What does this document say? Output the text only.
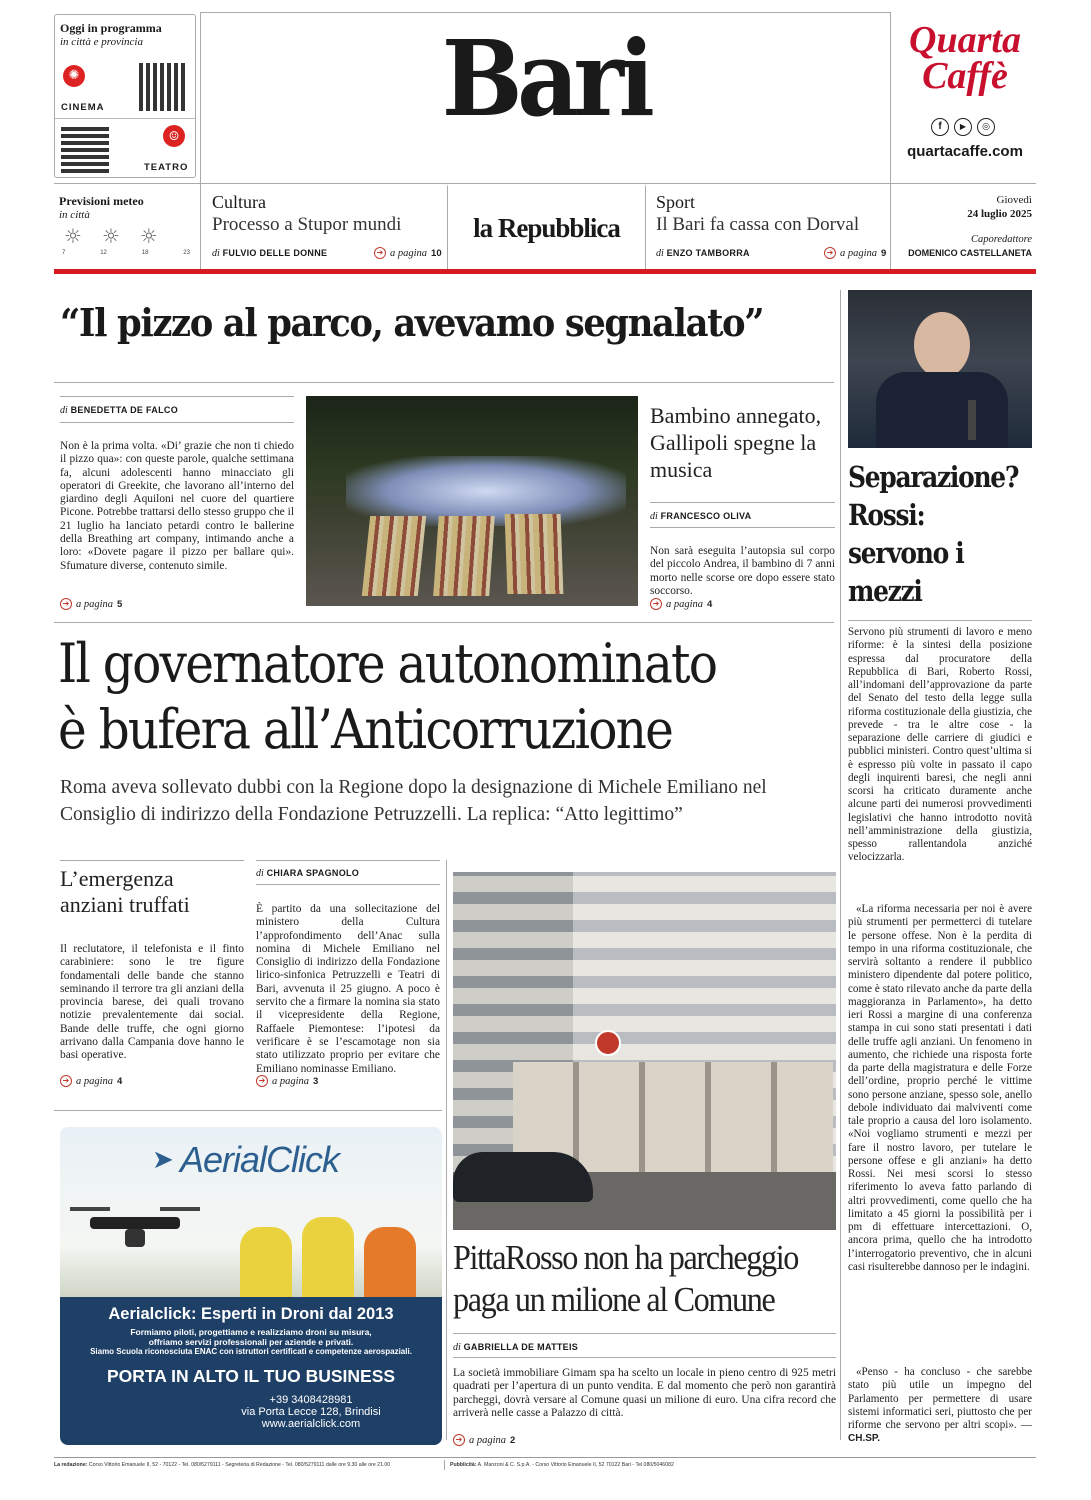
Oggi in programma
in città e provincia
✺
CINEMA
☺
TEATRO
Bari	Quarta Caffè
f	▶	◎
quartacaffe.com
Previsioni meteo
in città
☼ ☼ ☼
7	12	18	23
Cultura
Processo a Stupor mundi
di FULVIO DELLE DONNE	➔ a pagina 10
la Repubblica
Sport
Il Bari fa cassa con Dorval
di ENZO TAMBORRA	➔ a pagina 9
Giovedì
24 luglio 2025
Caporedattore
DOMENICO CASTELLANETA
“Il pizzo al parco, avevamo segnalato”
di BENEDETTA DE FALCO
Non è la prima volta. «Di’ grazie che non ti chiedo il pizzo qua»: con queste parole, qualche settimana fa, alcuni adolescenti hanno minacciato gli operatori di Greekite, che lavorano all’interno del giardino degli Aquiloni nel cuore del quartiere Picone. Potrebbe trattarsi dello stesso gruppo che il 21 luglio ha lanciato petardi contro le ballerine della Breathing art company, intimando anche a loro: «Dovete pagare il pizzo per ballare qui». Sfumature diverse, contenuto simile.
➔ a pagina 5
Bambino annegato, Gallipoli spegne la musica
di FRANCESCO OLIVA
Non sarà eseguita l’autopsia sul corpo del piccolo Andrea, il bambino di 7 anni morto nelle scorse ore dopo essere stato soccorso.
➔ a pagina 4
Separazione? Rossi: servono i mezzi
Servono più strumenti di lavoro e meno riforme: è la sintesi della posizione espressa dal procuratore della Repubblica di Bari, Roberto Rossi, all’indomani dell’approvazione da parte del Senato del testo della legge sulla riforma costituzionale della giustizia, che prevede - tra le altre cose - la separazione delle carriere di giudici e pubblici ministeri. Contro quest’ultima si è espresso più volte in passato il capo degli inquirenti baresi, che negli anni scorsi ha criticato duramente anche alcune parti dei numerosi provvedimenti legislativi che hanno introdotto novità nell’amministrazione della giustizia, spesso rallentandola anziché velocizzarla.
«La riforma necessaria per noi è avere più strumenti per permetterci di tutelare le persone offese. Non è la perdita di tempo in una riforma costituzionale, che servirà soltanto a rendere il pubblico ministero dipendente dal potere politico, come è stato rilevato anche da parte della maggioranza in Parlamento», ha detto ieri Rossi a margine di una conferenza stampa in cui sono stati presentati i dati delle truffe agli anziani. Un fenomeno in aumento, che richiede una risposta forte da parte della magistratura e delle Forze dell’ordine, proprio perché le vittime sono persone anziane, spesso sole, anello debole individuato dai malviventi come tale proprio a causa del loro isolamento. «Noi vogliamo strumenti e mezzi per fare il nostro lavoro, per tutelare le persone offese e gli anziani» ha detto Rossi. Nei mesi scorsi lo stesso riferimento lo aveva fatto parlando di altri provvedimenti, come quello che ha limitato a 45 giorni la possibilità per i pm di effettuare intercettazioni. O, ancora prima, quello che ha introdotto l’interrogatorio preventivo, che in alcuni casi risulterebbe dannoso per le indagini.
«Penso - ha concluso - che sarebbe stato più utile un impegno del Parlamento per permettere di usare sistemi informatici seri, piuttosto che per riforme che servono per altri scopi». — CH.SP.
Il governatore autonominato
è bufera all’Anticorruzione
Roma aveva sollevato dubbi con la Regione dopo la designazione di Michele Emiliano nel Consiglio di indirizzo della Fondazione Petruzzelli. La replica: “Atto legittimo”
L’emergenza anziani truffati
Il reclutatore, il telefonista e il finto carabiniere: sono le tre figure fondamentali delle bande che stanno seminando il terrore tra gli anziani della provincia barese, dei quali trovano notizie prevalentemente dai social. Bande delle truffe, che ogni giorno arrivano dalla Campania dove hanno le basi operative.
➔ a pagina 4
di CHIARA SPAGNOLO
È partito da una sollecitazione del ministero della Cultura l’approfondimento dell’Anac sulla nomina di Michele Emiliano nel Consiglio di indirizzo della Fondazione lirico-sinfonica Petruzzelli e Teatri di Bari, avvenuta il 25 giugno. A poco è servito che a firmare la nomina sia stato il vicepresidente della Regione, Raffaele Piemontese: l’ipotesi da verificare è se l’escamotage non sia stato utilizzato proprio per evitare che Emiliano nominasse Emiliano.
➔ a pagina 3
PittaRosso non ha parcheggio paga un milione al Comune
di GABRIELLA DE MATTEIS
La società immobiliare Gimam spa ha scelto un locale in pieno centro di 925 metri quadrati per l’apertura di un punto vendita. E dal momento che però non garantirà parcheggi, dovrà versare al Comune quasi un milione di euro. Una cifra record che arriverà nelle casse a Palazzo di città.
➔ a pagina 2
AerialClick
➤
Aerialclick: Esperti in Droni dal 2013
Formiamo piloti, progettiamo e realizziamo droni su misura,
offriamo servizi professionali per aziende e privati.
Siamo Scuola riconosciuta ENAC con istruttori certificati e competenze aerospaziali.
PORTA IN ALTO IL TUO BUSINESS
+39 3408428981
via Porta Lecce 128, Brindisi
www.aerialclick.com
La redazione: Corso Vittorio Emanuele II, 52 - 70122 - Tel. 080/5279111 - Segreteria di Redazione - Tel. 080/5279111 dalle ore 9.30 alle ore 21.00	Pubblicità: A. Manzoni & C. S.p.A. - Corso Vittorio Emanuele II, 52 70122 Bari - Tel 080/5046082
